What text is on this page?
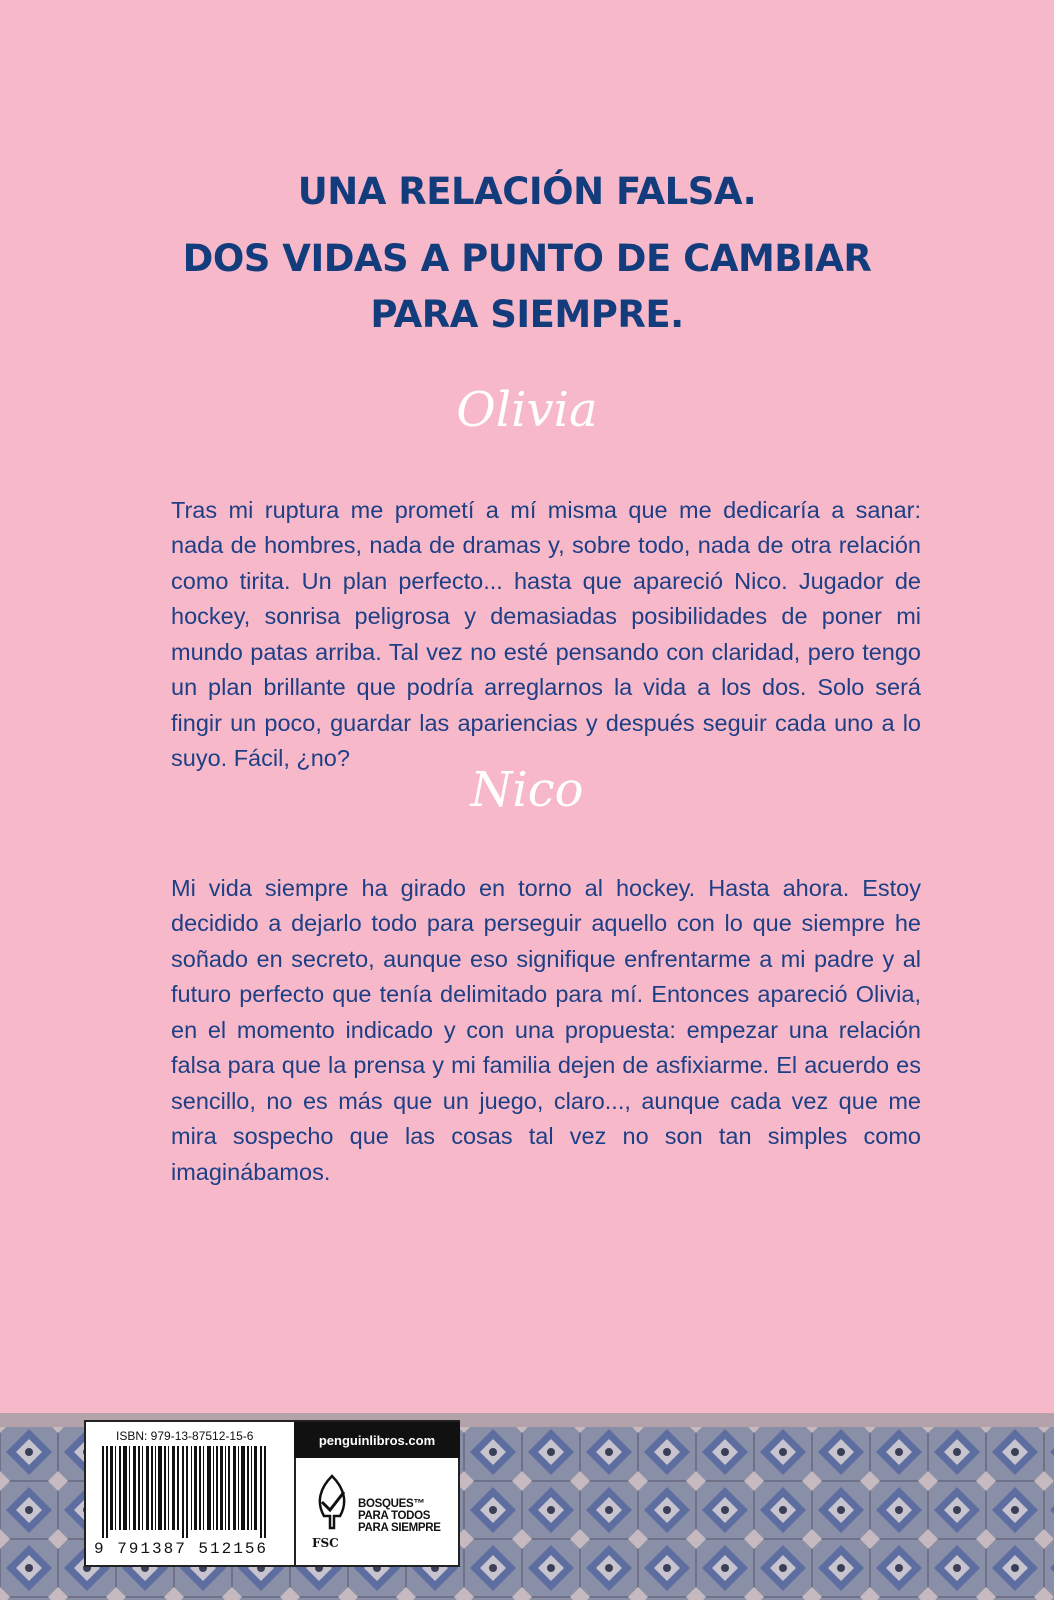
UNA RELACIÓN FALSA.
DOS VIDAS A PUNTO DE CAMBIAR
PARA SIEMPRE.
Olivia

Tras mi ruptura me prometí a mí misma que me dedicaría a sanar: nada de hombres, nada de dramas y, sobre todo, nada de otra relación como tirita. Un plan perfecto... hasta que apareció Nico. Jugador de hockey, sonrisa peligrosa y demasiadas posibilidades de poner mi mundo patas arriba. Tal vez no esté pensando con claridad, pero tengo un plan brillante que podría arreglarnos la vida a los dos. Solo será fingir un poco, guardar las apariencias y después seguir cada uno a lo suyo. Fácil, ¿no?

Nico

Mi vida siempre ha girado en torno al hockey. Hasta ahora. Estoy decidido a dejarlo todo para perseguir aquello con lo que siempre he soñado en secreto, aunque eso signifique enfrentarme a mi padre y al futuro perfecto que tenía delimitado para mí. Entonces apareció Olivia, en el momento indicado y con una propuesta: empezar una relación falsa para que la prensa y mi familia dejen de asfixiarme. El acuerdo es sencillo, no es más que un juego, claro..., aunque cada vez que me mira sospecho que las cosas tal vez no son tan simples como imaginábamos.

ISBN: 979-13-87512-15-6
9 791387 512156
penguinlibros.com
FSC
BOSQUES™
PARA TODOS
PARA SIEMPRE
